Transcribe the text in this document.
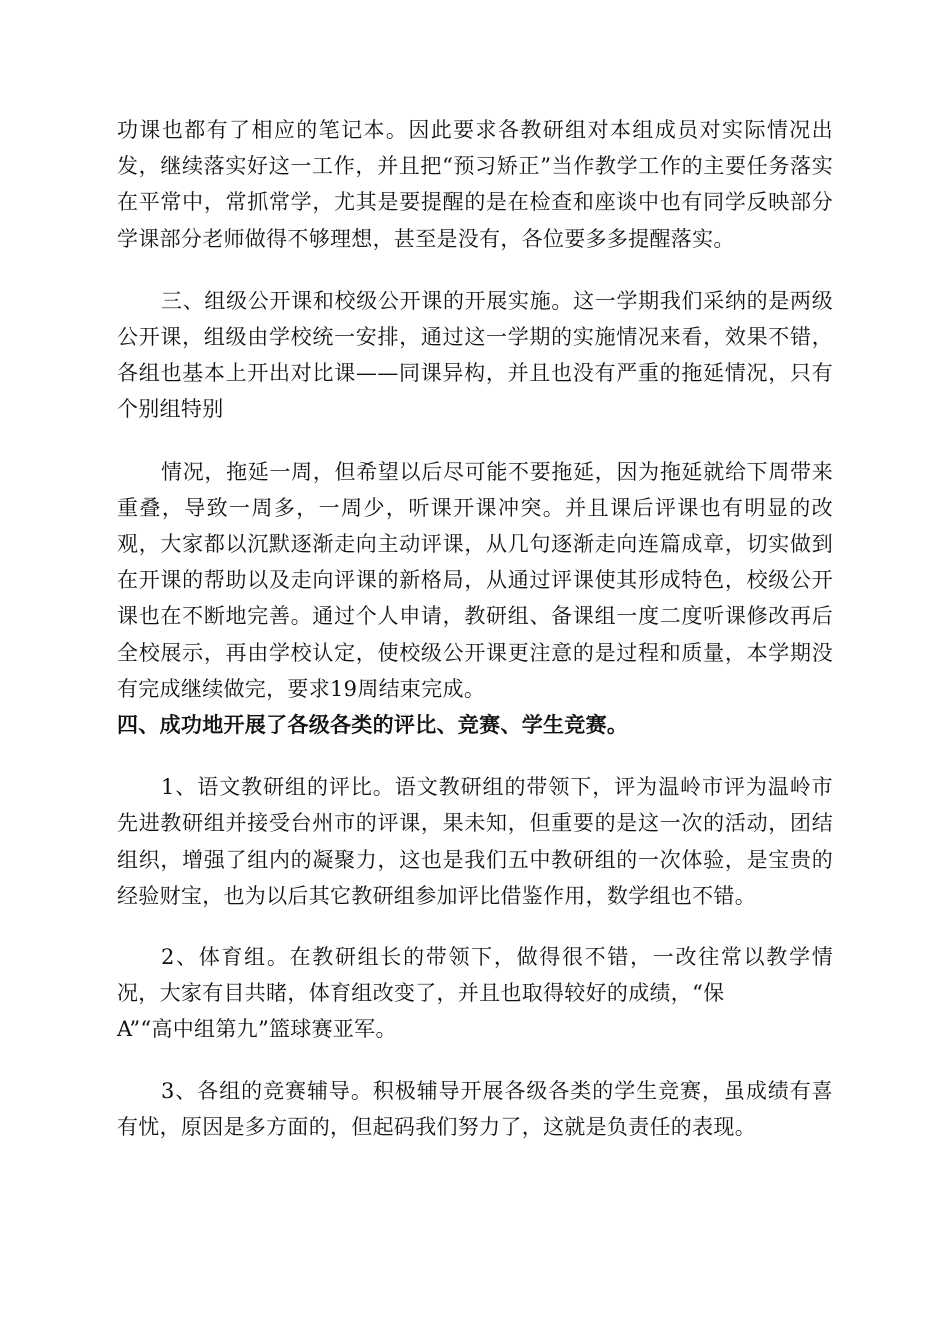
功课也都有了相应的笔记本。因此要求各教研组对本组成员对实际情况出发，继续落实好这一工作，并且把“预习矫正”当作教学工作的主要任务落实在平常中，常抓常学，尤其是要提醒的是在检查和座谈中也有同学反映部分学课部分老师做得不够理想，甚至是没有，各位要多多提醒落实。

三、组级公开课和校级公开课的开展实施。这一学期我们采纳的是两级公开课，组级由学校统一安排，通过这一学期的实施情况来看，效果不错，各组也基本上开出对比课——同课异构，并且也没有严重的拖延情况，只有个别组特别

情况，拖延一周，但希望以后尽可能不要拖延，因为拖延就给下周带来重叠，导致一周多，一周少，听课开课冲突。并且课后评课也有明显的改观，大家都以沉默逐渐走向主动评课，从几句逐渐走向连篇成章，切实做到在开课的帮助以及走向评课的新格局，从通过评课使其形成特色，校级公开课也在不断地完善。通过个人申请，教研组、备课组一度二度听课修改再后全校展示，再由学校认定，使校级公开课更注意的是过程和质量，本学期没有完成继续做完，要求19周结束完成。

四、成功地开展了各级各类的评比、竞赛、学生竞赛。

1、语文教研组的评比。语文教研组的带领下，评为温岭市评为温岭市先进教研组并接受台州市的评课，果未知，但重要的是这一次的活动，团结组织，增强了组内的凝聚力，这也是我们五中教研组的一次体验，是宝贵的经验财宝，也为以后其它教研组参加评比借鉴作用，数学组也不错。

2、体育组。在教研组长的带领下，做得很不错，一改往常以教学情况，大家有目共睹，体育组改变了，并且也取得较好的成绩，“保

A”“高中组第九”篮球赛亚军。

3、各组的竞赛辅导。积极辅导开展各级各类的学生竞赛，虽成绩有喜有忧，原因是多方面的，但起码我们努力了，这就是负责任的表现。
